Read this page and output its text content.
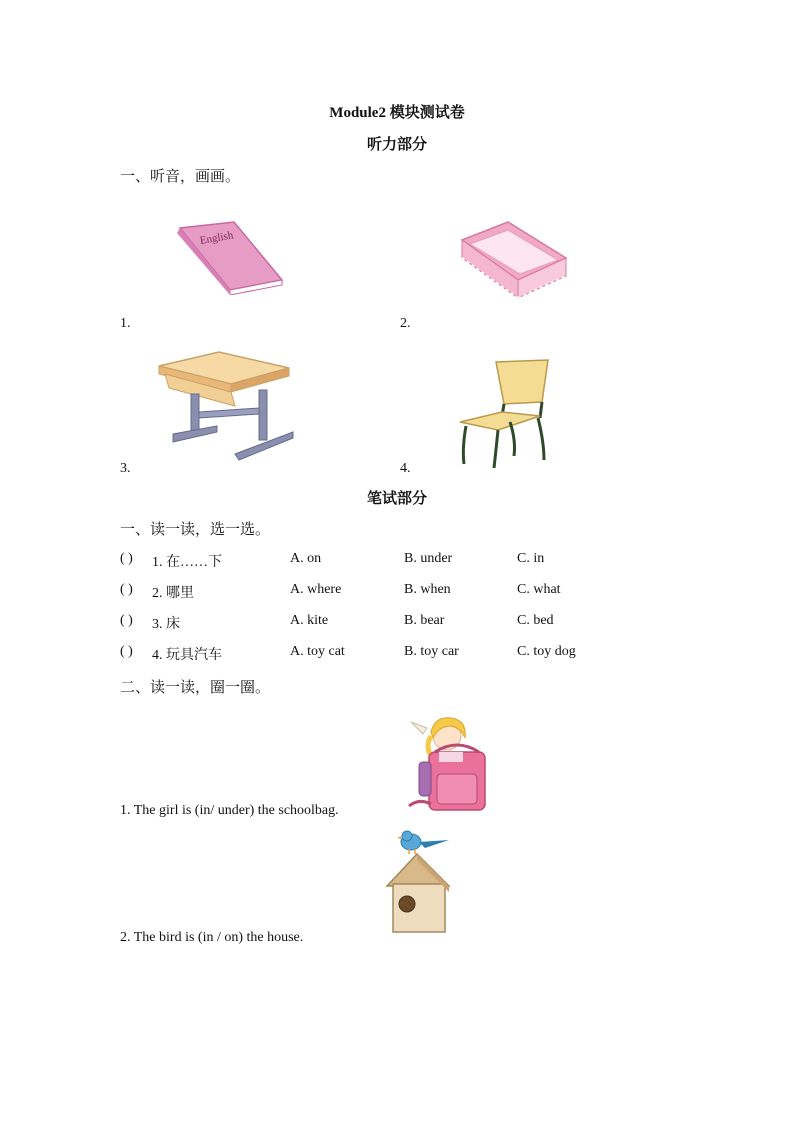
Module2 模块测试卷
听力部分
一、听音，画画。
English
1.	2.
3.	4.
笔试部分
一、读一读，选一选。
( ) 1. 在……下	A. on	B. under	C. in
( ) 2. 哪里	A. where	B. when	C. what
( ) 3. 床	A. kite	B. bear	C. bed
( ) 4. 玩具汽车	A. toy cat	B. toy car	C. toy dog
二、读一读，圈一圈。
1. The girl is (in/ under) the schoolbag.
2. The bird is (in / on) the house.
